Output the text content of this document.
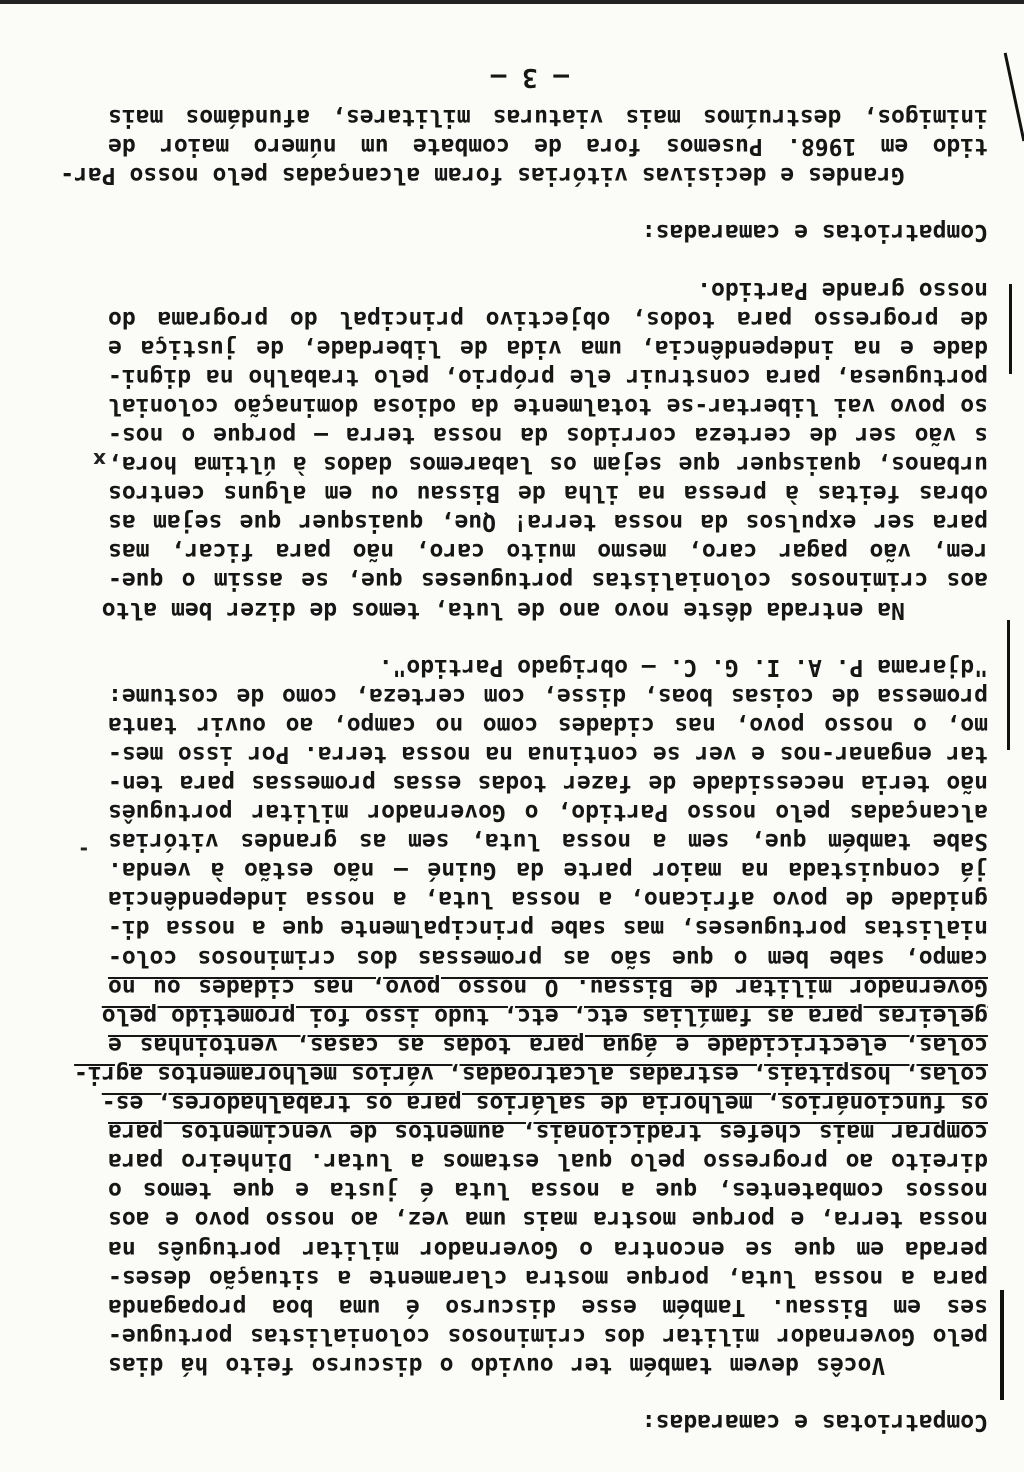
Compatriotas e camaradas:
Vocês devem também ter ouvido o discurso feito há dias
pelo Governador militar dos criminosos colonialistas portugue-
ses em Bissau. Também esse discurso é uma boa propaganda
para a nossa luta, porque mostra claramente a situação deses-
perada em que se encontra o Governador militar português na
nossa terra, e porque mostra mais uma vez, ao nosso povo e aos
nossos combatentes, que a nossa luta é justa e que temos o
direito ao progresso pelo qual estamos a lutar. Dinheiro para
comprar mais chefes tradicionais, aumentos de vencimentos para
os funcionários, melhoria de salários para os trabalhadores, es-
colas, hospitais, estradas alcatroadas, vários melhoramentos agri-
colas, electricidade e água para todas as casas, ventoinhas e
geleiras para as famílias etc, etc, tudo isso foi prometido pelo
Governador militar de Bissau. O nosso povo, nas cidades ou no
campo, sabe bem o que são as promessas dos criminosos colo-
nialistas portugueses, mas sabe principalmente que a nossa di-
gnidade de povo africano, a nossa luta, a nossa independência
já conquistada na maior parte da Guiné — não estão à venda.
Sabe também que, sem a nossa luta, sem as grandes vitórias
alcançadas pelo nosso Partido, o Governador militar português
não teria necessidade de fazer todas essas promessas para ten-
tar enganar-nos e ver se continua na nossa terra. Por isso mes-
mo, o nosso povo, nas cidades como no campo, ao ouvir tanta
promessa de coisas boas, disse, com certeza, como de costume:
"djarama P. A. I. G. C. — obrigado Partido".
Na entrada dêste novo ano de luta, temos de dizer bem alto
aos criminosos colonialistas portugueses que, se assim o que-
rem, vão pagar caro, mesmo muito caro, não para ficar, mas
para ser expulsos da nossa terra! Que, quaisquer que sejam as
obras feitas à pressa na ilha de Bissau ou em alguns centros
urbanos, quaisquer que sejam os labaremos dados à última hora,
s vão ser de certeza corridos da nossa terra — porque o nos-
so povo vai libertar-se totalmente da odiosa dominação colonial
portuguesa, para construir ele próprio, pelo trabalho na digni-
dade e na independência, uma vida de liberdade, de justiça e
de progresso para todos, objectivo principal do programa do
nosso grande Partido.
Compatriotas e camaradas:
Grandes e decisivas vitórias foram alcançadas pelo nosso Par-
tido em 1968. Pusemos fora de combate um número maior de
inimigos, destruímos mais viaturas militares, afundámos mais
— 3 —
-
x
